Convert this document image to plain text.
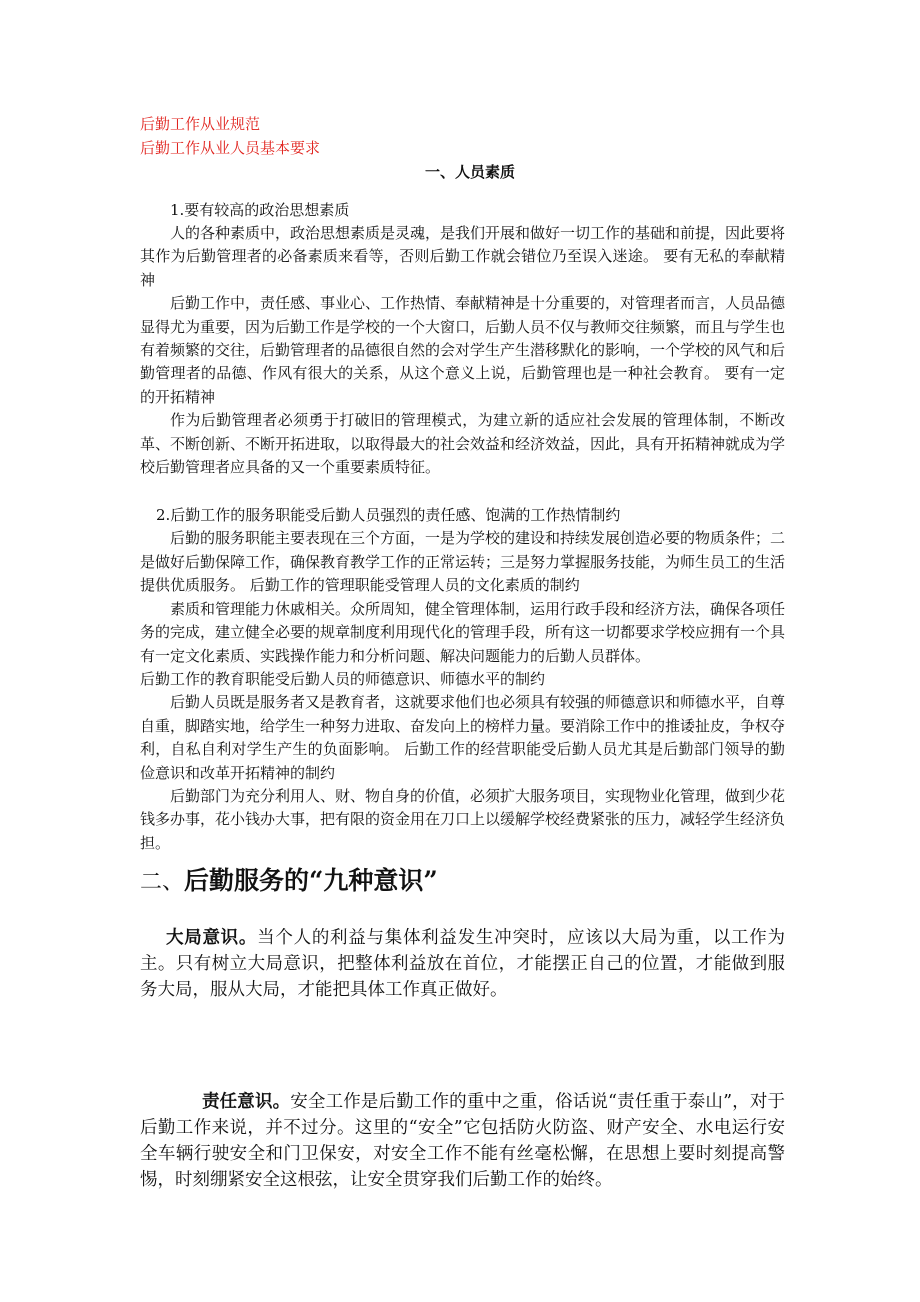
后勤工作从业规范

后勤工作从业人员基本要求

一、人员素质

1.要有较高的政治思想素质

人的各种素质中，政治思想素质是灵魂，是我们开展和做好一切工作的基础和前提，因此要将其作为后勤管理者的必备素质来看等，否则后勤工作就会错位乃至误入迷途。 要有无私的奉献精神

后勤工作中，责任感、事业心、工作热情、奉献精神是十分重要的，对管理者而言，人员品德显得尤为重要，因为后勤工作是学校的一个大窗口，后勤人员不仅与教师交往频繁，而且与学生也有着频繁的交往，后勤管理者的品德很自然的会对学生产生潜移默化的影响，一个学校的风气和后勤管理者的品德、作风有很大的关系，从这个意义上说，后勤管理也是一种社会教育。 要有一定的开拓精神

作为后勤管理者必须勇于打破旧的管理模式，为建立新的适应社会发展的管理体制，不断改革、不断创新、不断开拓进取，以取得最大的社会效益和经济效益，因此，具有开拓精神就成为学校后勤管理者应具备的又一个重要素质特征。

2.后勤工作的服务职能受后勤人员强烈的责任感、饱满的工作热情制约

后勤的服务职能主要表现在三个方面，一是为学校的建设和持续发展创造必要的物质条件；二是做好后勤保障工作，确保教育教学工作的正常运转；三是努力掌握服务技能，为师生员工的生活提供优质服务。 后勤工作的管理职能受管理人员的文化素质的制约

素质和管理能力休戚相关。众所周知，健全管理体制，运用行政手段和经济方法，确保各项任务的完成，建立健全必要的规章制度利用现代化的管理手段，所有这一切都要求学校应拥有一个具有一定文化素质、实践操作能力和分析问题、解决问题能力的后勤人员群体。

后勤工作的教育职能受后勤人员的师德意识、师德水平的制约

后勤人员既是服务者又是教育者，这就要求他们也必须具有较强的师德意识和师德水平，自尊自重，脚踏实地，给学生一种努力进取、奋发向上的榜样力量。要消除工作中的推诿扯皮，争权夺利，自私自利对学生产生的负面影响。 后勤工作的经营职能受后勤人员尤其是后勤部门领导的勤俭意识和改革开拓精神的制约

后勤部门为充分利用人、财、物自身的价值，必须扩大服务项目，实现物业化管理，做到少花钱多办事，花小钱办大事，把有限的资金用在刀口上以缓解学校经费紧张的压力，减轻学生经济负担。

二、后勤服务的“九种意识”

大局意识。当个人的利益与集体利益发生冲突时，应该以大局为重，以工作为主。只有树立大局意识，把整体利益放在首位，才能摆正自己的位置，才能做到服务大局，服从大局，才能把具体工作真正做好。

责任意识。安全工作是后勤工作的重中之重，俗话说“责任重于泰山”，对于后勤工作来说，并不过分。这里的“安全”它包括防火防盗、财产安全、水电运行安全车辆行驶安全和门卫保安，对安全工作不能有丝毫松懈，在思想上要时刻提高警惕，时刻绷紧安全这根弦，让安全贯穿我们后勤工作的始终。
